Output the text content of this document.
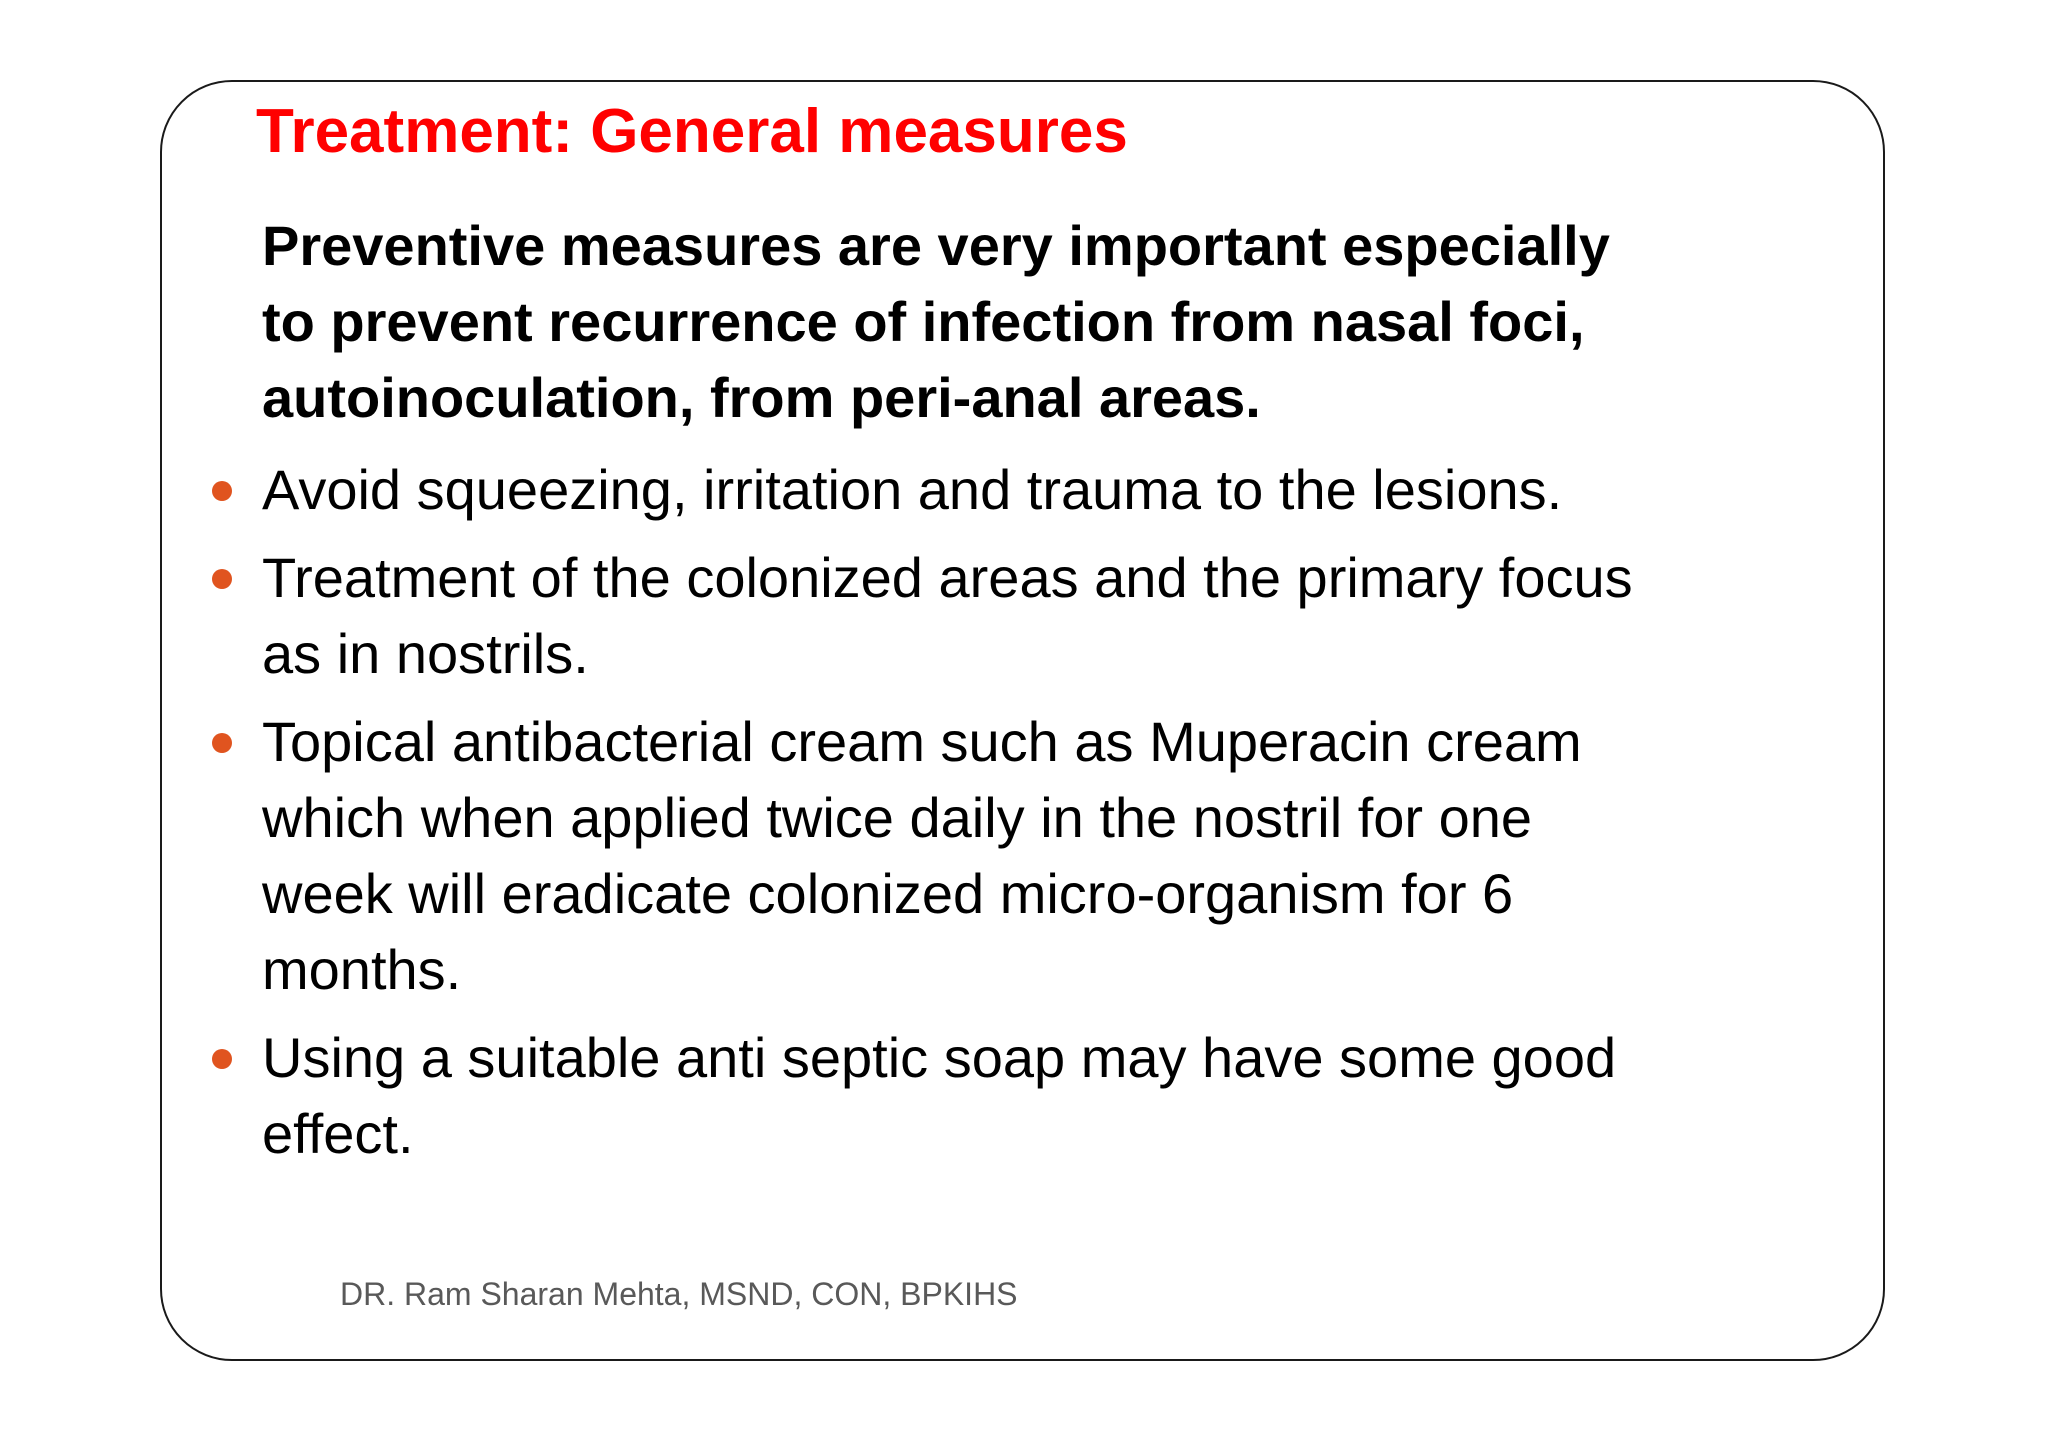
Treatment: General measures

Preventive measures are very important especially
to prevent recurrence of infection from nasal foci,
autoinoculation, from peri-anal areas.

Avoid squeezing, irritation and trauma to the lesions.
Treatment of the colonized areas and the primary focus
as in nostrils.
Topical antibacterial cream such as Muperacin cream
which when applied twice daily in the nostril for one
week will eradicate colonized micro-organism for 6
months.
Using a suitable anti septic soap may have some good
effect.

DR. Ram Sharan Mehta, MSND, CON, BPKIHS
